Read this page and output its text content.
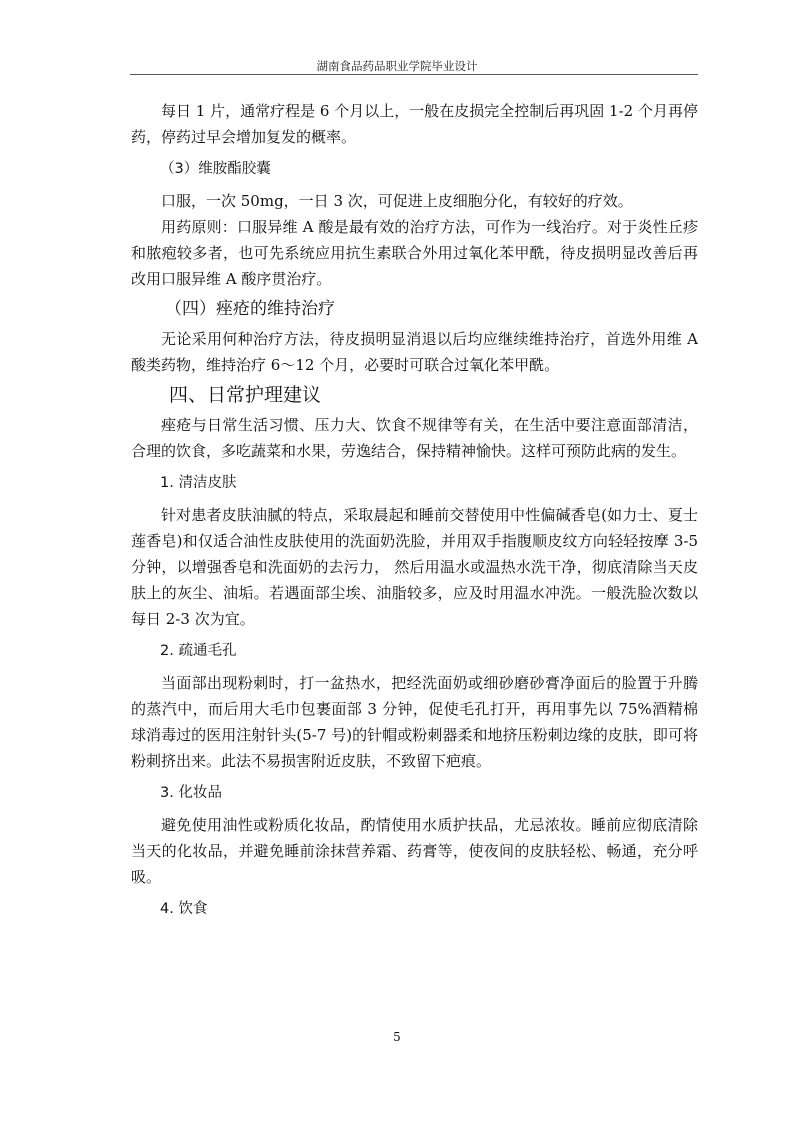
湖南食品药品职业学院毕业设计

每日 1 片，通常疗程是 6 个月以上，一般在皮损完全控制后再巩固 1-2 个月再停药，停药过早会增加复发的概率。

（3）维胺酯胶囊

口服，一次 50mg，一日 3 次，可促进上皮细胞分化，有较好的疗效。

用药原则：口服异维 A 酸是最有效的治疗方法，可作为一线治疗。对于炎性丘疹和脓疱较多者，也可先系统应用抗生素联合外用过氧化苯甲酰，待皮损明显改善后再改用口服异维 A 酸序贯治疗。

（四）痤疮的维持治疗

无论采用何种治疗方法，待皮损明显消退以后均应继续维持治疗，首选外用维 A 酸类药物，维持治疗 6～12 个月，必要时可联合过氧化苯甲酰。

四、日常护理建议

痤疮与日常生活习惯、压力大、饮食不规律等有关，在生活中要注意面部清洁，合理的饮食，多吃蔬菜和水果，劳逸结合，保持精神愉快。这样可预防此病的发生。

1. 清洁皮肤

针对患者皮肤油腻的特点，采取晨起和睡前交替使用中性偏碱香皂(如力士、夏士莲香皂)和仅适合油性皮肤使用的洗面奶洗脸，并用双手指腹顺皮纹方向轻轻按摩 3-5 分钟，以增强香皂和洗面奶的去污力， 然后用温水或温热水洗干净，彻底清除当天皮肤上的灰尘、油垢。若遇面部尘埃、油脂较多，应及时用温水冲洗。一般洗脸次数以每日 2-3 次为宜。

2. 疏通毛孔

当面部出现粉刺时，打一盆热水，把经洗面奶或细砂磨砂膏净面后的脸置于升腾的蒸汽中，而后用大毛巾包裹面部 3 分钟，促使毛孔打开，再用事先以 75%酒精棉球消毒过的医用注射针头(5-7 号)的针帽或粉刺器柔和地挤压粉刺边缘的皮肤，即可将粉刺挤出来。此法不易损害附近皮肤，不致留下疤痕。

3. 化妆品

避免使用油性或粉质化妆品，酌情使用水质护扶品，尤忌浓妆。睡前应彻底清除当天的化妆品，并避免睡前涂抹营养霜、药膏等，使夜间的皮肤轻松、畅通，充分呼吸。

4. 饮食

5
